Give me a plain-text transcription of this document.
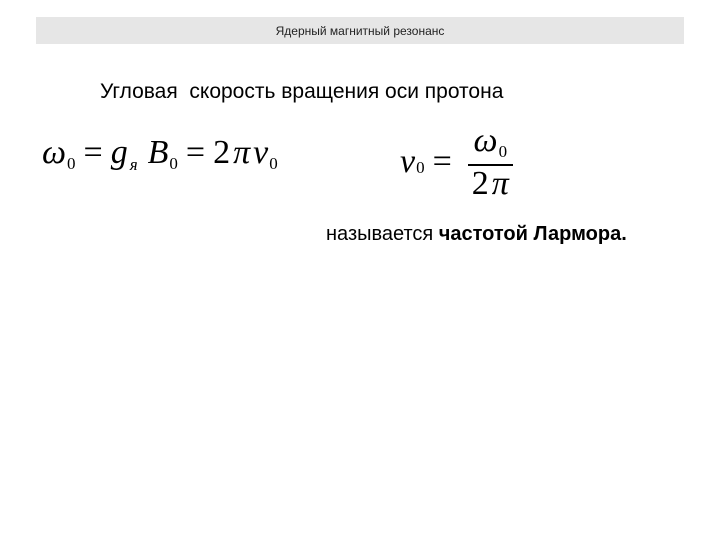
Ядерный магнитный резонанс
Угловая  скорость вращения оси протона
ω 0 = g я B 0 = 2 π ν 0	ν $0 = \frac{\omega 0}{2 \pi}$
называется частотой Лармора.
